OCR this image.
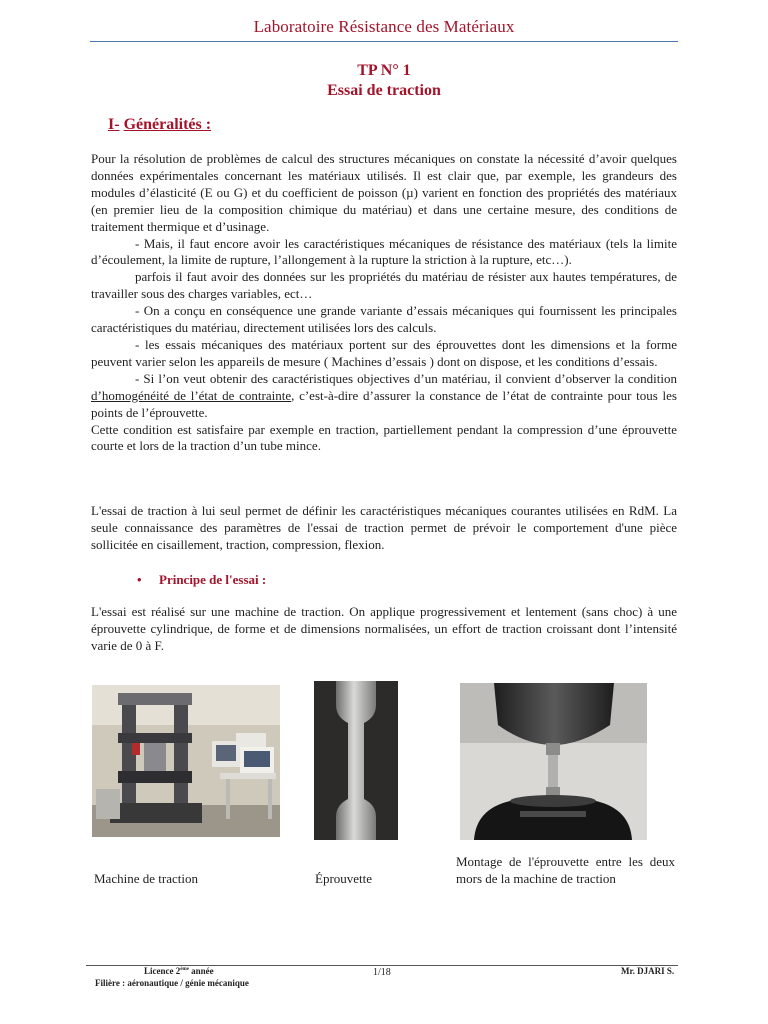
Laboratoire Résistance des Matériaux
TP N° 1
Essai de traction
I- Généralités :

Pour la résolution de problèmes de calcul des structures mécaniques on constate la nécessité d’avoir quelques données expérimentales concernant les matériaux utilisés. Il est clair que, par exemple, les grandeurs des modules d’élasticité (E ou G) et du coefficient de poisson (µ) varient en fonction des propriétés des matériaux (en premier lieu de la composition chimique du matériau) et dans une certaine mesure, des conditions de traitement thermique et d’usinage.

- Mais, il faut encore avoir les caractéristiques mécaniques de résistance des matériaux (tels la limite d’écoulement, la limite de rupture, l’allongement à la rupture la striction à la rupture, etc…).

parfois il faut avoir des données sur les propriétés du matériau de résister aux hautes températures, de travailler sous des charges variables, ect…

- On a conçu en conséquence une grande variante d’essais mécaniques qui fournissent les principales caractéristiques du matériau, directement utilisées lors des calculs.

- les essais mécaniques des matériaux portent sur des éprouvettes dont les dimensions et la forme peuvent varier selon les appareils de mesure ( Machines d’essais ) dont on dispose, et les conditions d’essais.

- Si l’on veut obtenir des caractéristiques objectives d’un matériau, il convient d’observer la condition d’homogénéité de l’état de contrainte, c’est-à-dire d’assurer la constance de l’état de contrainte pour tous les points de l’éprouvette.

Cette condition est satisfaire par exemple en traction, partiellement pendant la compression d’une éprouvette courte et lors de la traction d’un tube mince.

L'essai de traction à lui seul permet de définir les caractéristiques mécaniques courantes utilisées en RdM. La seule connaissance des paramètres de l'essai de traction permet de prévoir le comportement d'une pièce sollicitée en cisaillement, traction, compression, flexion.
• Principe de l'essai :
L'essai est réalisé sur une machine de traction. On applique progressivement et lentement (sans choc) à une éprouvette cylindrique, de forme et de dimensions normalisées, un effort de traction croissant dont l’intensité varie de 0 à F.
Machine de traction	Éprouvette
Montage de l'éprouvette entre les deux mors de la machine de traction
Licence 2ème année
Filière : aéronautique / génie mécanique
1/18	Mr. DJARI S.
